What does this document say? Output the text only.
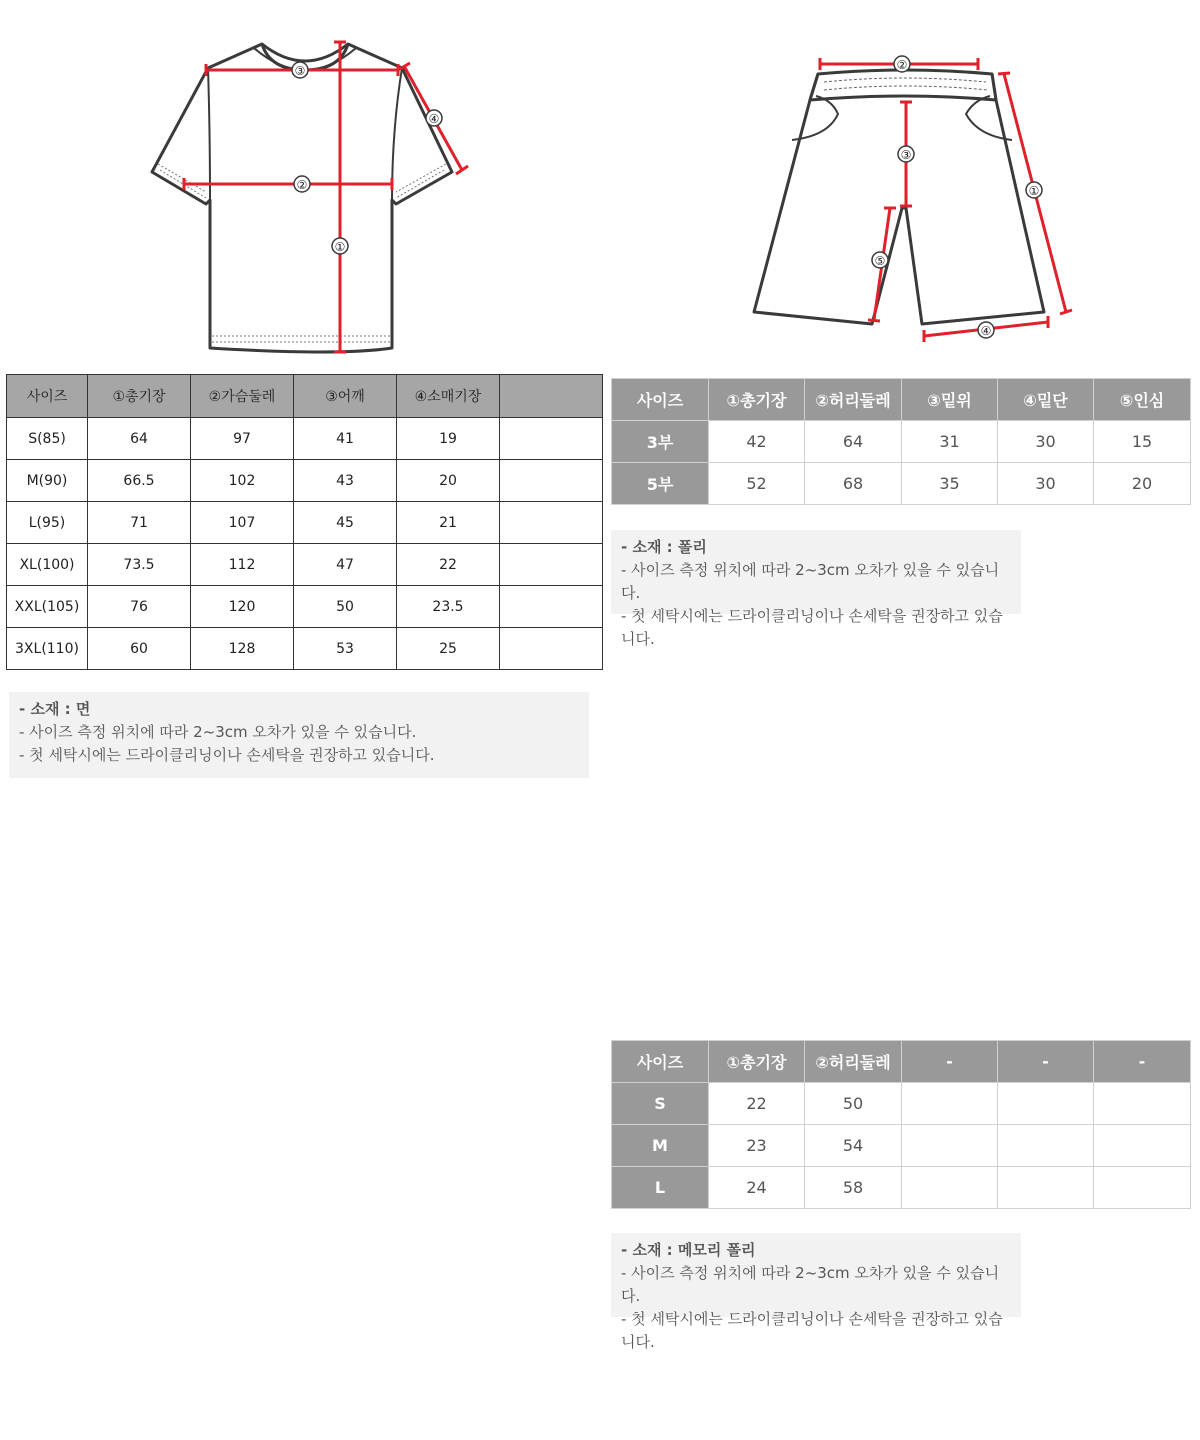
③
②
①
④
②
①
③
④
⑤
사이즈	①총기장	②가슴둘레	③어깨	④소매기장	
S(85)	64	97	41	19	
M(90)	66.5	102	43	20	
L(95)	71	107	45	21	
XL(100)	73.5	112	47	22	
XXL(105)	76	120	50	23.5	
3XL(110)	60	128	53	25	
- 소재 : 면
- 사이즈 측정 위치에 따라 2~3cm 오차가 있을 수 있습니다.
- 첫 세탁시에는 드라이클리닝이나 손세탁을 권장하고 있습니다.
사이즈	①총기장	②허리둘레	③밑위	④밑단	⑤인심
3부	42	64	31	30	15
5부	52	68	35	30	20
- 소재 : 폴리
- 사이즈 측정 위치에 따라 2~3cm 오차가 있을 수 있습니다.
- 첫 세탁시에는 드라이클리닝이나 손세탁을 권장하고 있습니다.
사이즈	①총기장	②허리둘레	-	-	-
S	22	50			
M	23	54			
L	24	58			
- 소재 : 메모리 폴리
- 사이즈 측정 위치에 따라 2~3cm 오차가 있을 수 있습니다.
- 첫 세탁시에는 드라이클리닝이나 손세탁을 권장하고 있습니다.
